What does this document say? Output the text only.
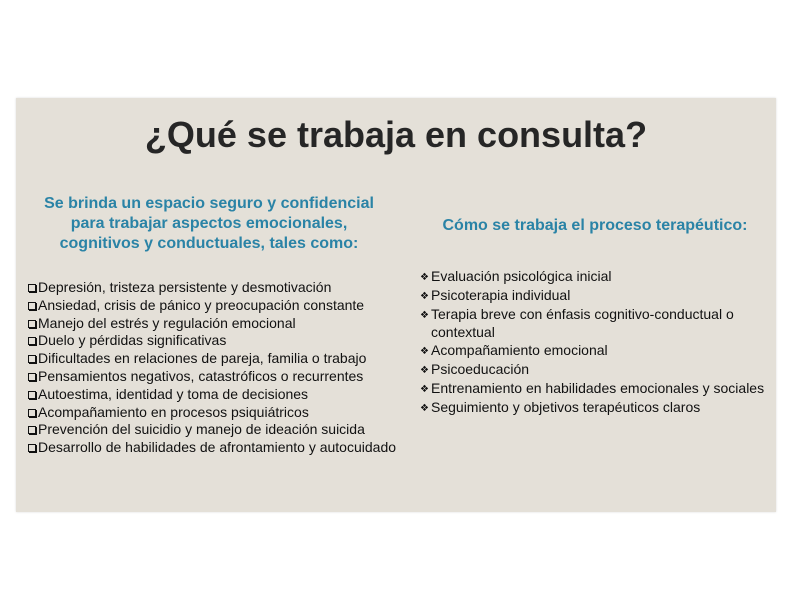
¿Qué se trabaja en consulta?
Se brinda un espacio seguro y confidencial para trabajar aspectos emocionales, cognitivos y conductuales, tales como:
Cómo se trabaja el proceso terapéutico:
Depresión, tristeza persistente y desmotivación
Ansiedad, crisis de pánico y preocupación constante
Manejo del estrés y regulación emocional
Duelo y pérdidas significativas
Dificultades en relaciones de pareja, familia o trabajo
Pensamientos negativos, catastróficos o recurrentes
Autoestima, identidad y toma de decisiones
Acompañamiento en procesos psiquiátricos
Prevención del suicidio y manejo de ideación suicida
Desarrollo de habilidades de afrontamiento y autocuidado
❖ Evaluación psicológica inicial
❖ Psicoterapia individual
❖ Terapia breve con énfasis cognitivo-conductual o contextual
❖ Acompañamiento emocional
❖ Psicoeducación
❖ Entrenamiento en habilidades emocionales y sociales
❖ Seguimiento y objetivos terapéuticos claros
